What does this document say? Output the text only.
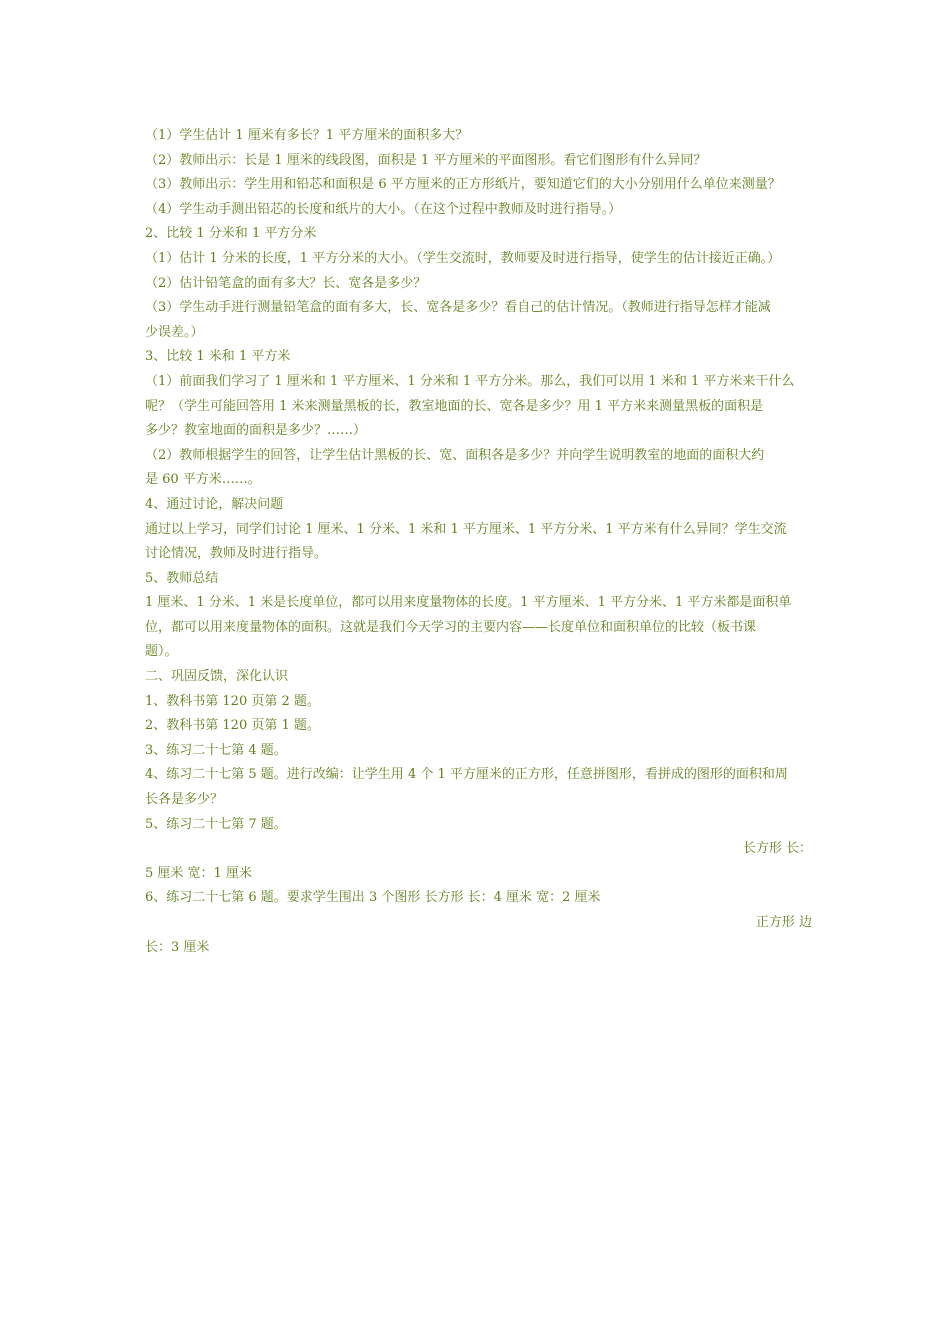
（1）学生估计 1 厘米有多长？1 平方厘米的面积多大？
（2）教师出示：长是 1 厘米的线段图，面积是 1 平方厘米的平面图形。看它们图形有什么异同？
（3）教师出示：学生用和铅芯和面积是 6 平方厘米的正方形纸片，要知道它们的大小分别用什么单位来测量？
（4）学生动手测出铅芯的长度和纸片的大小。（在这个过程中教师及时进行指导。）
2、比较 1 分米和 1 平方分米
（1）估计 1 分米的长度，1 平方分米的大小。（学生交流时，教师要及时进行指导，使学生的估计接近正确。）
（2）估计铅笔盒的面有多大？长、宽各是多少？
（3）学生动手进行测量铅笔盒的面有多大，长、宽各是多少？看自己的估计情况。（教师进行指导怎样才能减
少误差。）
3、比较 1 米和 1 平方米
（1）前面我们学习了 1 厘米和 1 平方厘米、1 分米和 1 平方分米。那么，我们可以用 1 米和 1 平方米来干什么
呢？（学生可能回答用 1 米来测量黑板的长，教室地面的长、宽各是多少？用 1 平方米来测量黑板的面积是
多少？教室地面的面积是多少？……）
（2）教师根据学生的回答，让学生估计黑板的长、宽、面积各是多少？并向学生说明教室的地面的面积大约
是 60 平方米……。
4、通过讨论，解决问题
通过以上学习，同学们讨论 1 厘米、1 分米、1 米和 1 平方厘米、1 平方分米、1 平方米有什么异同？学生交流
讨论情况，教师及时进行指导。
5、教师总结
1 厘米、1 分米、1 米是长度单位，都可以用来度量物体的长度。1 平方厘米、1 平方分米、1 平方米都是面积单
位，都可以用来度量物体的面积。这就是我们今天学习的主要内容——长度单位和面积单位的比较（板书课
题）。
二、巩固反馈，深化认识
1、教科书第 120 页第 2 题。
2、教科书第 120 页第 1 题。
3、练习二十七第 4 题。
4、练习二十七第 5 题。进行改编：让学生用 4 个 1 平方厘米的正方形，任意拼图形，看拼成的图形的面积和周
长各是多少？
5、练习二十七第 7 题。
长方形 长：
5 厘米 宽：1 厘米
6、练习二十七第 6 题。要求学生围出 3 个图形 长方形 长：4 厘米 宽：2 厘米
正方形 边
长：3 厘米
